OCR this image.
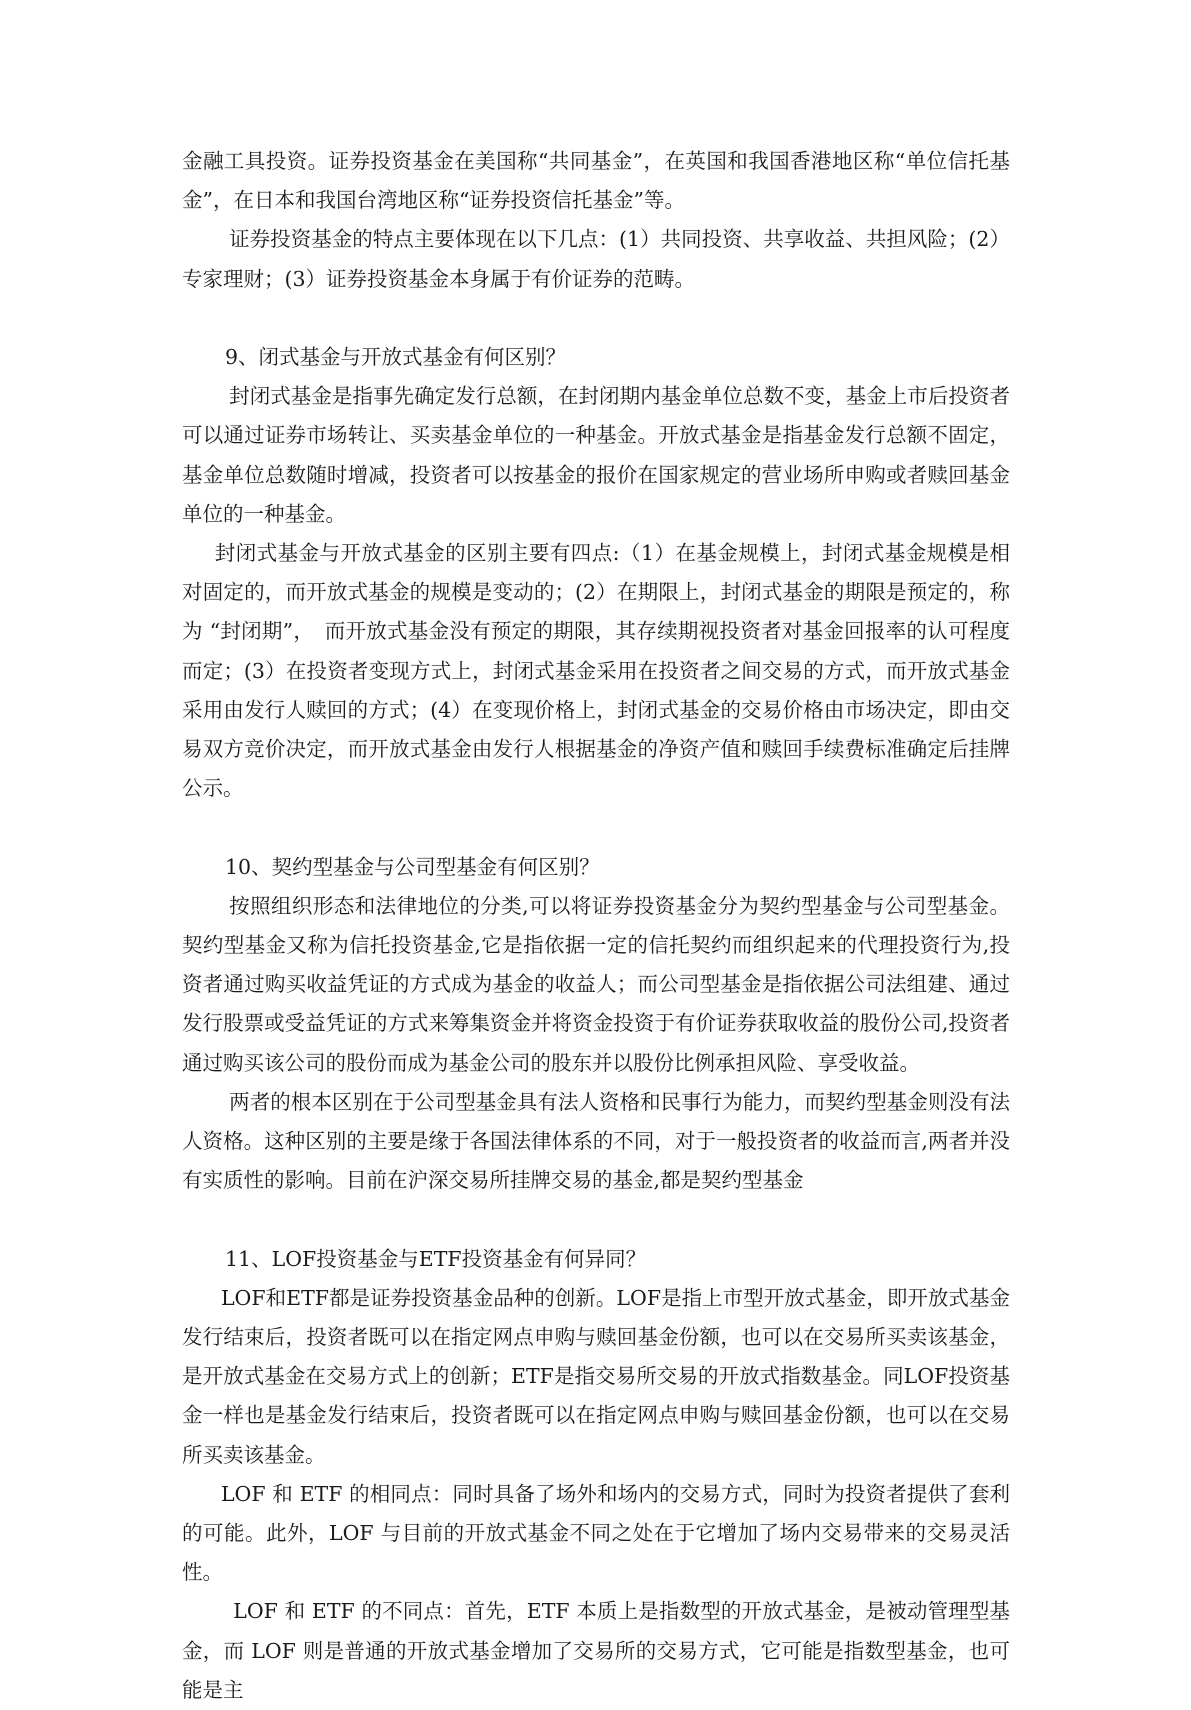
金融工具投资。证券投资基金在美国称“共同基金”，在英国和我国香港地区称“单位信托基金”，在日本和我国台湾地区称“证券投资信托基金”等。

证券投资基金的特点主要体现在以下几点：(1）共同投资、共享收益、共担风险；(2）专家理财；(3）证券投资基金本身属于有价证券的范畴。

9、闭式基金与开放式基金有何区别？

封闭式基金是指事先确定发行总额，在封闭期内基金单位总数不变，基金上市后投资者可以通过证券市场转让、买卖基金单位的一种基金。开放式基金是指基金发行总额不固定，基金单位总数随时增减，投资者可以按基金的报价在国家规定的营业场所申购或者赎回基金单位的一种基金。

封闭式基金与开放式基金的区别主要有四点:（1）在基金规模上，封闭式基金规模是相对固定的，而开放式基金的规模是变动的；(2）在期限上，封闭式基金的期限是预定的，称为 “封闭期”，　而开放式基金没有预定的期限，其存续期视投资者对基金回报率的认可程度而定；(3）在投资者变现方式上，封闭式基金采用在投资者之间交易的方式，而开放式基金采用由发行人赎回的方式；(4）在变现价格上，封闭式基金的交易价格由市场决定，即由交易双方竞价决定，而开放式基金由发行人根据基金的净资产值和赎回手续费标准确定后挂牌公示。

10、契约型基金与公司型基金有何区别？

按照组织形态和法律地位的分类,可以将证券投资基金分为契约型基金与公司型基金。契约型基金又称为信托投资基金,它是指依据一定的信托契约而组织起来的代理投资行为,投资者通过购买收益凭证的方式成为基金的收益人；而公司型基金是指依据公司法组建、通过发行股票或受益凭证的方式来筹集资金并将资金投资于有价证券获取收益的股份公司,投资者通过购买该公司的股份而成为基金公司的股东并以股份比例承担风险、享受收益。

两者的根本区别在于公司型基金具有法人资格和民事行为能力，而契约型基金则没有法人资格。这种区别的主要是缘于各国法律体系的不同，对于一般投资者的收益而言,两者并没有实质性的影响。目前在沪深交易所挂牌交易的基金,都是契约型基金

11、LOF投资基金与ETF投资基金有何异同？

LOF和ETF都是证券投资基金品种的创新。LOF是指上市型开放式基金，即开放式基金发行结束后，投资者既可以在指定网点申购与赎回基金份额，也可以在交易所买卖该基金，是开放式基金在交易方式上的创新；ETF是指交易所交易的开放式指数基金。同LOF投资基金一样也是基金发行结束后，投资者既可以在指定网点申购与赎回基金份额，也可以在交易所买卖该基金。

LOF 和 ETF 的相同点：同时具备了场外和场内的交易方式，同时为投资者提供了套利的可能。此外，LOF 与目前的开放式基金不同之处在于它增加了场内交易带来的交易灵活性。

LOF 和 ETF 的不同点：首先，ETF 本质上是指数型的开放式基金，是被动管理型基金，而 LOF 则是普通的开放式基金增加了交易所的交易方式，它可能是指数型基金，也可能是主
